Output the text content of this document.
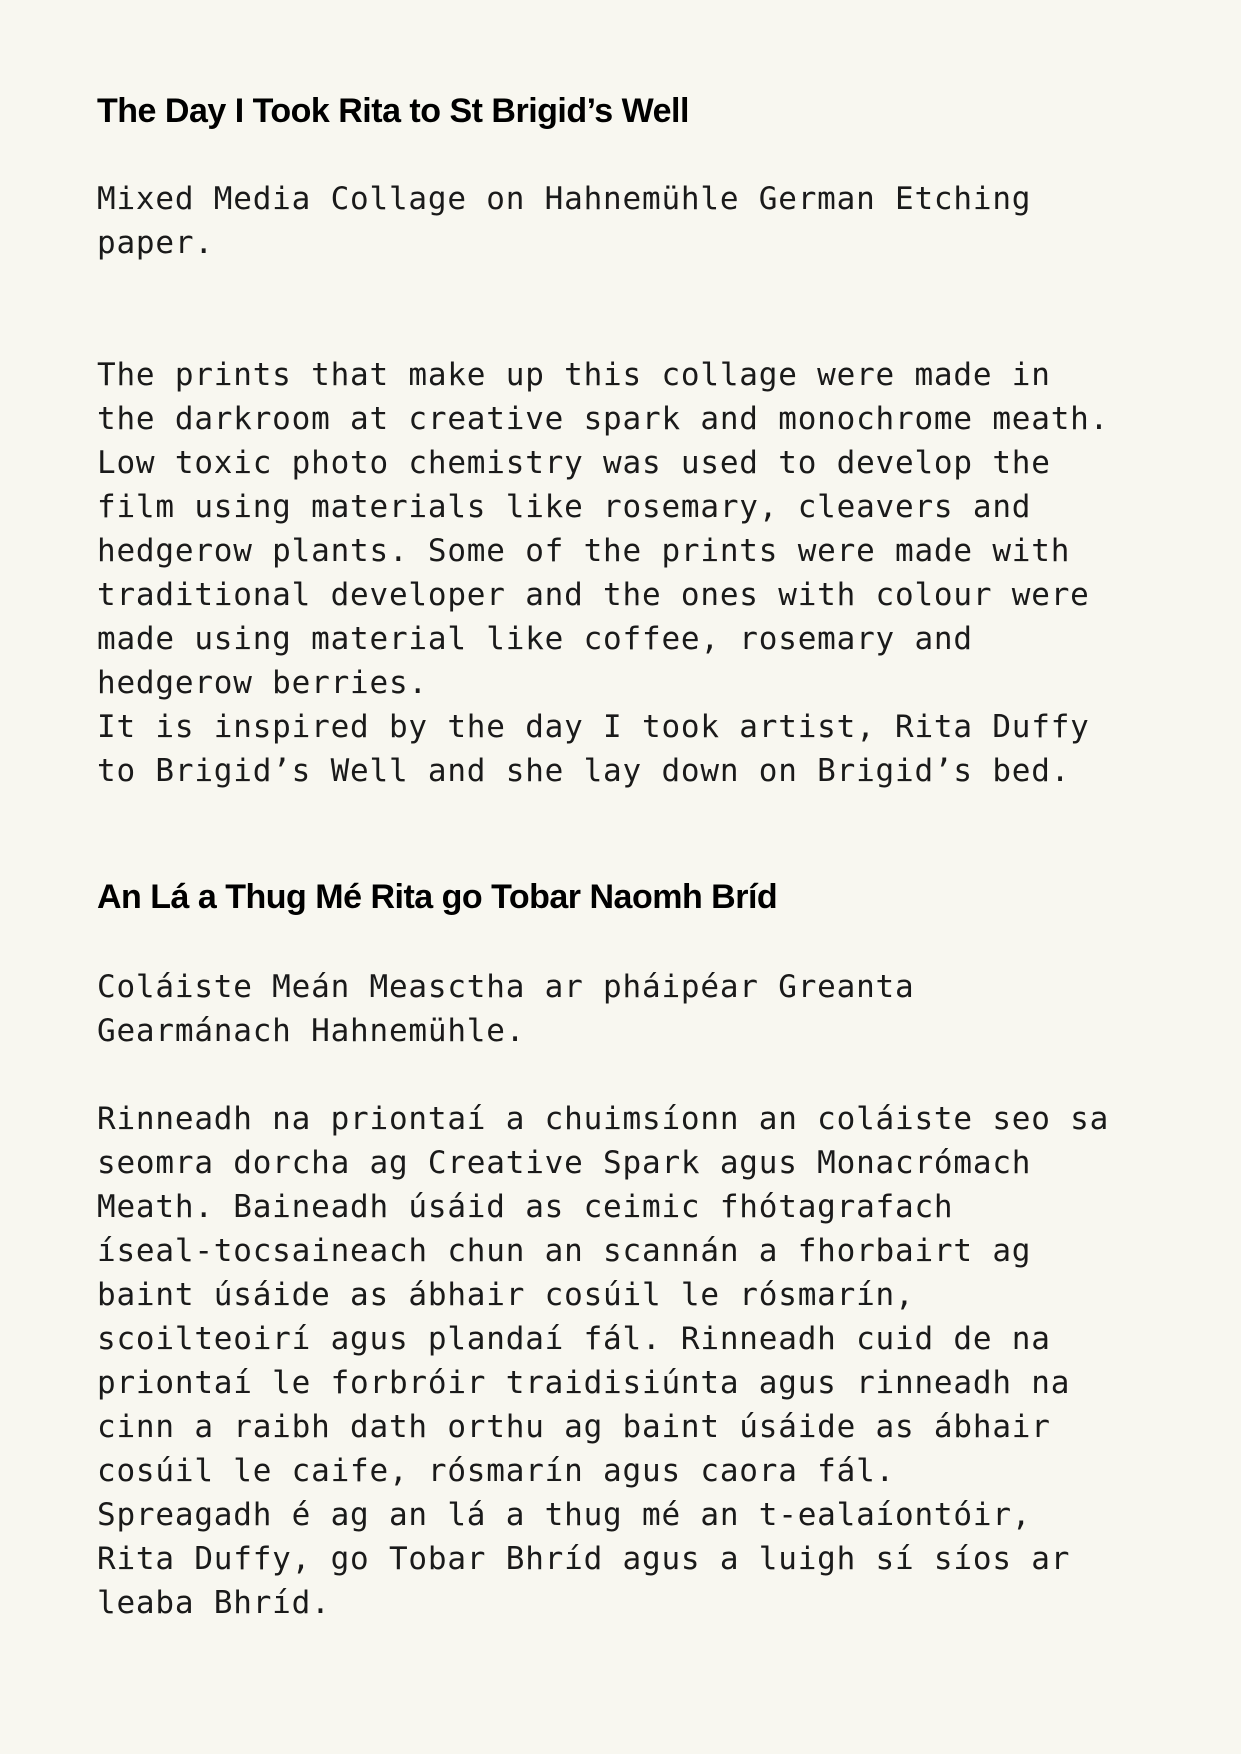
The Day I Took Rita to St Brigid’s Well

Mixed Media Collage on Hahnemühle German Etching
paper.

The prints that make up this collage were made in
the darkroom at creative spark and monochrome meath.
Low toxic photo chemistry was used to develop the
film using materials like rosemary, cleavers and
hedgerow plants. Some of the prints were made with
traditional developer and the ones with colour were
made using material like coffee, rosemary and
hedgerow berries.
It is inspired by the day I took artist, Rita Duffy
to Brigid’s Well and she lay down on Brigid’s bed.

An Lá a Thug Mé Rita go Tobar Naomh Bríd

Coláiste Meán Measctha ar pháipéar Greanta
Gearmánach Hahnemühle.

Rinneadh na priontaí a chuimsíonn an coláiste seo sa
seomra dorcha ag Creative Spark agus Monacrómach
Meath. Baineadh úsáid as ceimic fhótagrafach
íseal-tocsaineach chun an scannán a fhorbairt ag
baint úsáide as ábhair cosúil le rósmarín,
scoilteoirí agus plandaí fál. Rinneadh cuid de na
priontaí le forbróir traidisiúnta agus rinneadh na
cinn a raibh dath orthu ag baint úsáide as ábhair
cosúil le caife, rósmarín agus caora fál.
Spreagadh é ag an lá a thug mé an t-ealaíontóir,
Rita Duffy, go Tobar Bhríd agus a luigh sí síos ar
leaba Bhríd.
